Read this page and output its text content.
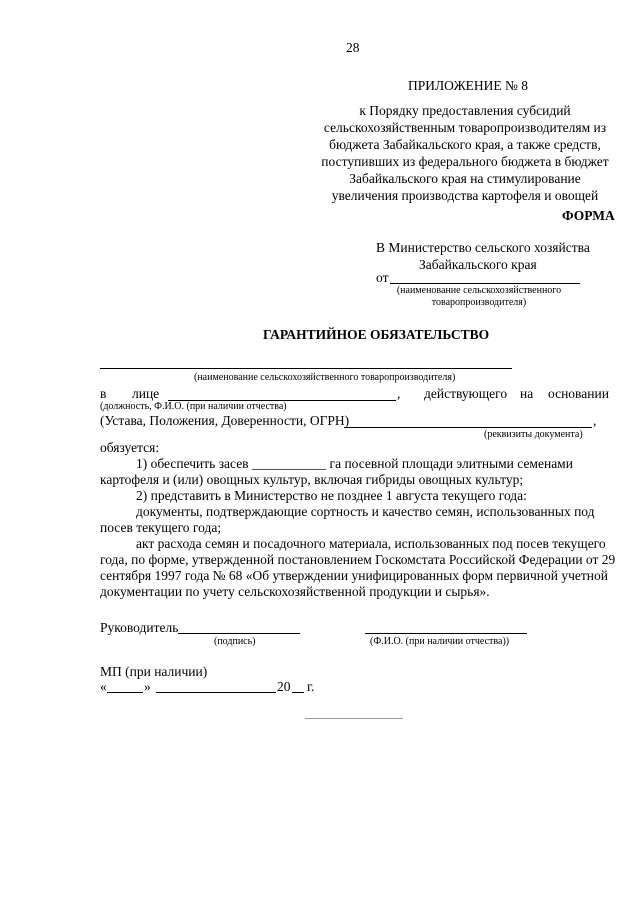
28
ПРИЛОЖЕНИЕ № 8
к Порядку предоставления субсидий
сельскохозяйственным товаропроизводителям из
бюджета Забайкальского края, а также средств,
поступивших из федерального бюджета в бюджет
Забайкальского края на стимулирование
увеличения производства картофеля и овощей
ФОРМА
В Министерство сельского хозяйства
Забайкальского края
от
(наименование сельскохозяйственного
товаропроизводителя)
ГАРАНТИЙНОЕ ОБЯЗАТЕЛЬСТВО
(наименование сельскохозяйственного товаропроизводителя)
в лице	, действующего на основании
(должность, Ф.И.О. (при наличии отчества)
(Устава, Положения, Доверенности, ОГРН)	,
(реквизиты документа)
обязуется:
1) обеспечить засев ___________ га посевной площади элитными семенами
картофеля и (или) овощных культур, включая гибриды овощных культур;
2) представить в Министерство не позднее 1 августа текущего года:
документы, подтверждающие сортность и качество семян, использованных под
посев текущего года;
акт расхода семян и посадочного материала, использованных под посев текущего
года, по форме, утвержденной постановлением Госкомстата Российской Федерации от 29
сентября 1997 года № 68 «Об утверждении унифицированных форм первичной учетной
документации по учету сельскохозяйственной продукции и сырья».
Руководитель
(подпись)	(Ф.И.О. (при наличии отчества))
МП (при наличии)
«	»	20 г.
